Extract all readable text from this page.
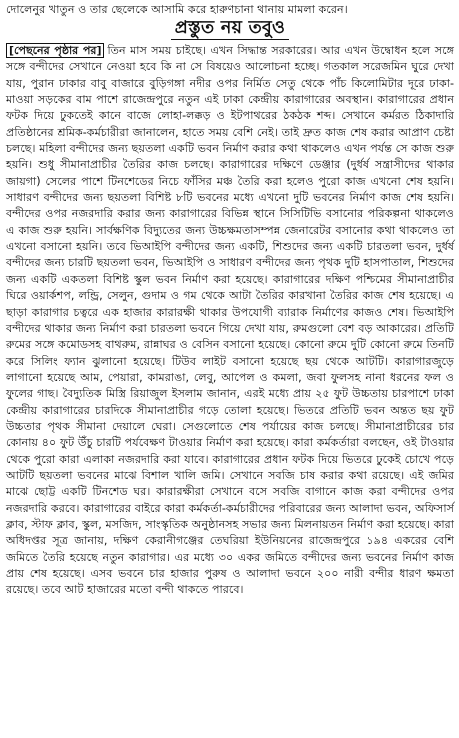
দোলেনুর খাতুন ও তার ছেলেকে আসামি করে হারুণচানা থানায় মামলা করেন।
প্রস্তুত নয় তবুও

[পেছনের পৃষ্ঠার পর] তিন মাস সময় চাইছে। এখন সিদ্ধান্ত সরকারের। আর এখন উদ্বোধন হলে সঙ্গে সঙ্গে বন্দীদের সেখানে নেওয়া হবে কি না সে বিষয়েও আলোচনা হচ্ছে। গতকাল সরেজমিন ঘুরে দেখা যায়, পুরান ঢাকার বাবু বাজারে বুড়িগঙ্গা নদীর ওপর নির্মিত সেতু থেকে পাঁচ কিলোমিটার দূরে ঢাকা-মাওয়া সড়কের বাম পাশে রাজেন্দ্রপুরে নতুন এই ঢাকা কেন্দ্রীয় কারাগারের অবস্থান। কারাগারের প্রধান ফটক দিয়ে ঢুকতেই কানে বাজে লোহা-লক্কড় ও ইটপাথরের ঠকঠক শব্দ। সেখানে কর্মরত ঠিকাদারি প্রতিষ্ঠানের শ্রমিক-কর্মচারীরা জানালেন, হাতে সময় বেশি নেই। তাই দ্রুত কাজ শেষ করার আপ্রাণ চেষ্টা চলছে। মহিলা বন্দীদের জন্য ছয়তলা একটি ভবন নির্মাণ করার কথা থাকলেও এখন পর্যন্ত সে কাজ শুরু হয়নি। শুধু সীমানাপ্রাচীর তৈরির কাজ চলছে। কারাগারের দক্ষিণে ডেঞ্জার (দুর্ধর্ষ সন্ত্রাসীদের থাকার জায়গা) সেলের পাশে টিনশেডের নিচে ফাঁসির মঞ্চ তৈরি করা হলেও পুরো কাজ এখনো শেষ হয়নি। সাধারণ বন্দীদের জন্য ছয়তলা বিশিষ্ট ৮টি ভবনের মধ্যে এখনো দুটি ভবনের নির্মাণ কাজ শেষ হয়নি। বন্দীদের ওপর নজরদারি করার জন্য কারাগারের বিভিন্ন স্থানে সিসিটিভি বসানোর পরিকল্পনা থাকলেও এ কাজ শুরু হয়নি। সার্বক্ষণিক বিদ্যুতের জন্য উচ্চক্ষমতাসম্পন্ন জেনারেটর বসানোর কথা থাকলেও তা এখনো বসানো হয়নি। তবে ভিআইপি বন্দীদের জন্য একটি, শিশুদের জন্য একটি চারতলা ভবন, দুর্ধর্ষ বন্দীদের জন্য চারটি ছয়তলা ভবন, ভিআইপি ও সাধারণ বন্দীদের জন্য পৃথক দুটি হাসপাতাল, শিশুদের জন্য একটি একতলা বিশিষ্ট স্কুল ভবন নির্মাণ করা হয়েছে। কারাগারের দক্ষিণ পশ্চিমের সীমানাপ্রাচীর ঘিরে ওয়ার্কশপ, লন্ড্রি, সেলুন, গুদাম ও গম থেকে আটা তৈরির কারখানা তৈরির কাজ শেষ হয়েছে। এ ছাড়া কারাগার চত্বরে এক হাজার কারারক্ষী থাকার উপযোগী ব্যারাক নির্মাণের কাজও শেষ। ভিআইপি বন্দীদের থাকার জন্য নির্মাণ করা চারতলা ভবনে গিয়ে দেখা যায়, রুমগুলো বেশ বড় আকারের। প্রতিটি রুমের সঙ্গে কমোডসহ বাথরুম, রান্নাঘর ও বেসিন বসানো হয়েছে। কোনো রুমে দুটি কোনো রুমে তিনটি করে সিলিং ফ্যান ঝুলানো হয়েছে। টিউব লাইট বসানো হয়েছে ছয় থেকে আটটি। কারাগারজুড়ে লাগানো হয়েছে আম, পেয়ারা, কামরাঙা, লেবু, আপেল ও কমলা, জবা ফুলসহ নানা ধরনের ফল ও ফুলের গাছ। বৈদ্যুতিক মিস্ত্রি রিয়াজুল ইসলাম জানান, এরই মধ্যে প্রায় ২৫ ফুট উচ্চতায় চারপাশে ঢাকা কেন্দ্রীয় কারাগারের চারদিকে সীমানাপ্রাচীর গড়ে তোলা হয়েছে। ভিতরে প্রতিটি ভবন অন্তত ছয় ফুট উচ্চতার পৃথক সীমানা দেয়ালে ঘেরা। সেগুলোতে শেষ পর্যায়ের কাজ চলছে। সীমানাপ্রাচীরের চার কোনায় ৪০ ফুট উঁচু চারটি পর্যবেক্ষণ টাওয়ার নির্মাণ করা হয়েছে। কারা কর্মকর্তারা বলছেন, ওই টাওয়ার থেকে পুরো কারা এলাকা নজরদারি করা যাবে। কারাগারের প্রধান ফটক দিয়ে ভিতরে ঢুকেই চোখে পড়ে আটটি ছয়তলা ভবনের মাঝে বিশাল খালি জমি। সেখানে সবজি চাষ করার কথা রয়েছে। এই জমির মাঝে ছোট্ট একটি টিনশেড ঘর। কারারক্ষীরা সেখানে বসে সবজি বাগানে কাজ করা বন্দীদের ওপর নজরদারি করবে। কারাগারের বাইরে কারা কর্মকর্তা-কর্মচারীদের পরিবারের জন্য আলাদা ভবন, অফিসার্স ক্লাব, স্টাফ ক্লাব, স্কুল, মসজিদ, সাংস্কৃতিক অনুষ্ঠানসহ সভার জন্য মিলনায়তন নির্মাণ করা হয়েছে। কারা অধিদপ্তর সূত্র জানায়, দক্ষিণ কেরানীগঞ্জের তেঘরিয়া ইউনিয়নের রাজেন্দ্রপুরে ১৯৪ একরের বেশি জমিতে তৈরি হয়েছে নতুন কারাগার। এর মধ্যে ৩০ একর জমিতে বন্দীদের জন্য ভবনের নির্মাণ কাজ প্রায় শেষ হয়েছে। এসব ভবনে চার হাজার পুরুষ ও আলাদা ভবনে ২০০ নারী বন্দীর ধারণ ক্ষমতা রয়েছে। তবে আট হাজারের মতো বন্দী থাকতে পারবে।
